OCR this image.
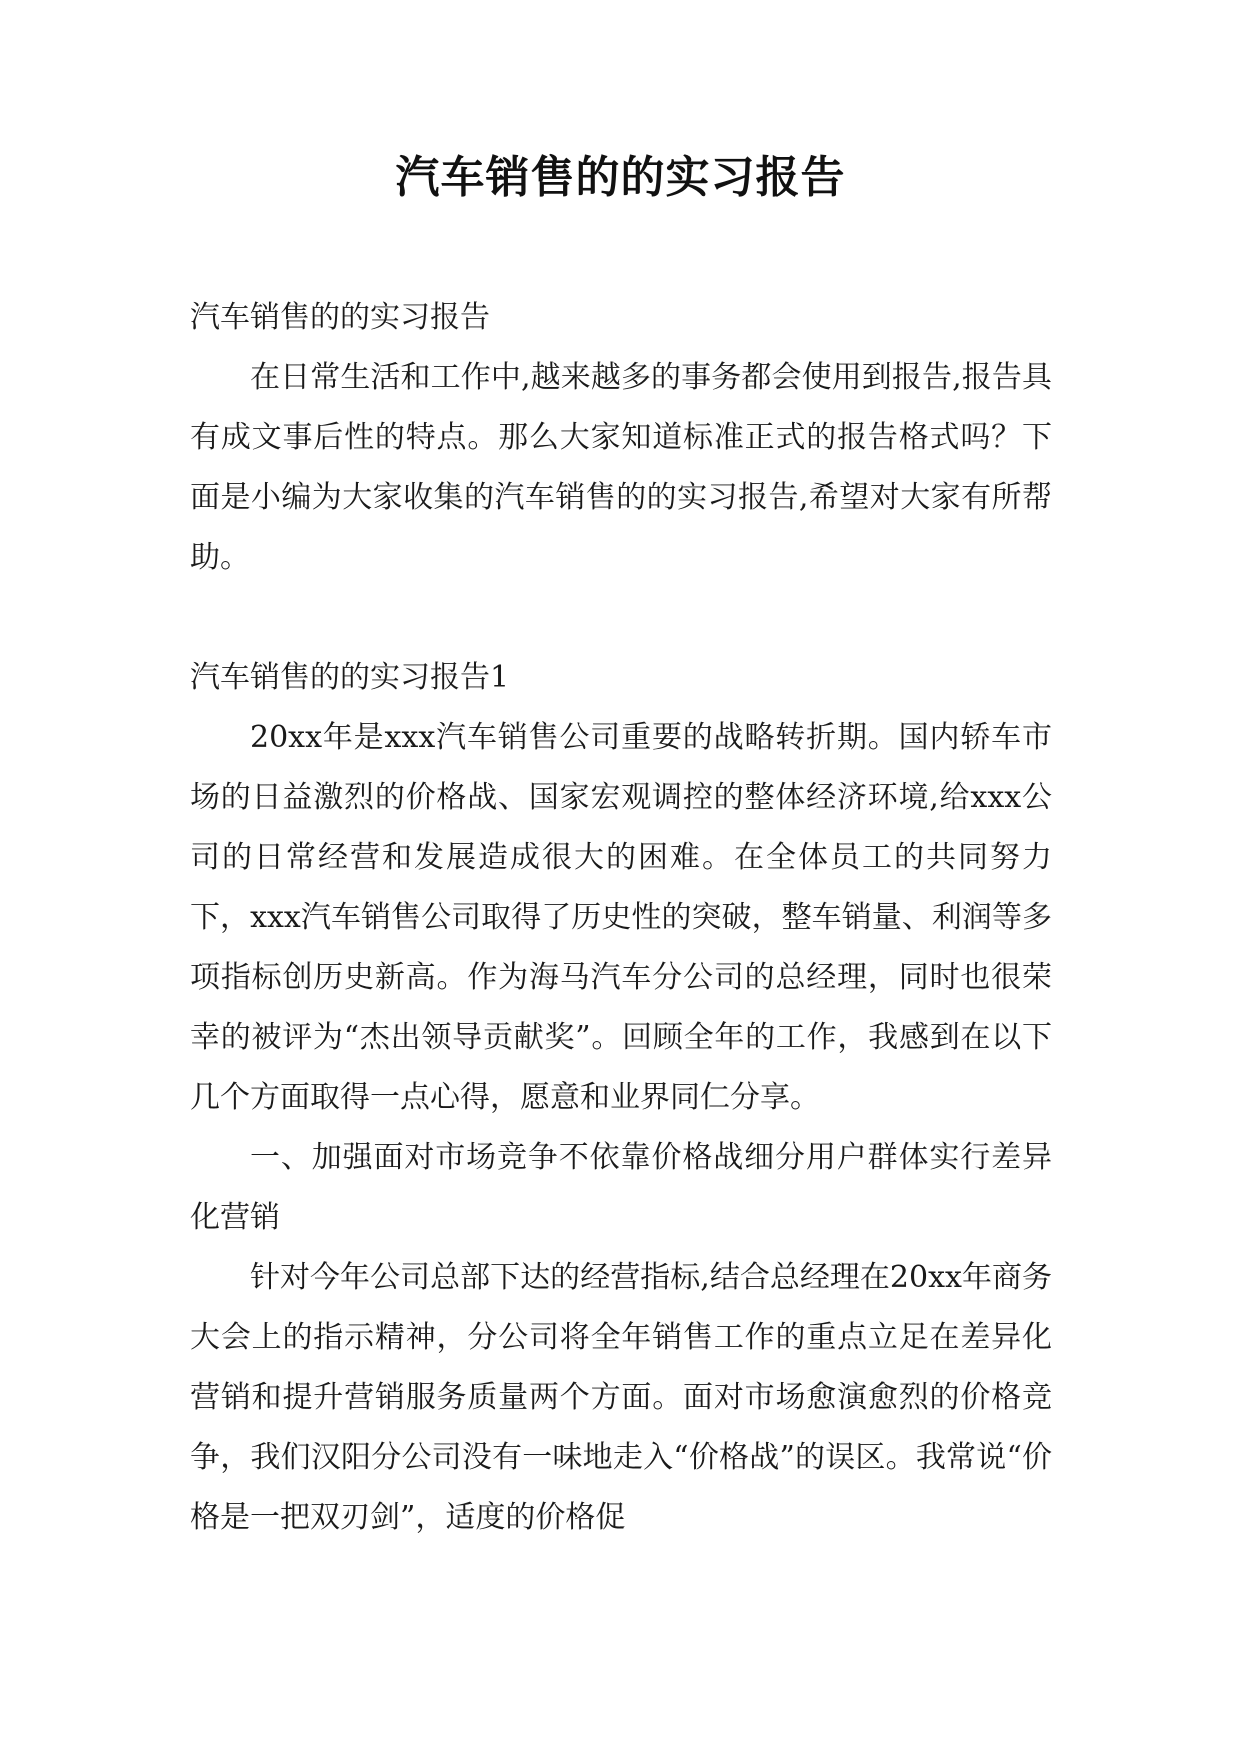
汽车销售的的实习报告

汽车销售的的实习报告

在日常生活和工作中,越来越多的事务都会使用到报告,报告具有成文事后性的特点。那么大家知道标准正式的报告格式吗？下面是小编为大家收集的汽车销售的的实习报告,希望对大家有所帮助。

汽车销售的的实习报告1

20xx年是xxx汽车销售公司重要的战略转折期。国内轿车市场的日益激烈的价格战、国家宏观调控的整体经济环境,给xxx公司的日常经营和发展造成很大的困难。在全体员工的共同努力下，xxx汽车销售公司取得了历史性的突破，整车销量、利润等多项指标创历史新高。作为海马汽车分公司的总经理，同时也很荣幸的被评为“杰出领导贡献奖”。回顾全年的工作，我感到在以下几个方面取得一点心得，愿意和业界同仁分享。

一、加强面对市场竞争不依靠价格战细分用户群体实行差异化营销

针对今年公司总部下达的经营指标,结合总经理在20xx年商务大会上的指示精神，分公司将全年销售工作的重点立足在差异化营销和提升营销服务质量两个方面。面对市场愈演愈烈的价格竞争，我们汉阳分公司没有一味地走入“价格战”的误区。我常说“价格是一把双刃剑”，适度的价格促
